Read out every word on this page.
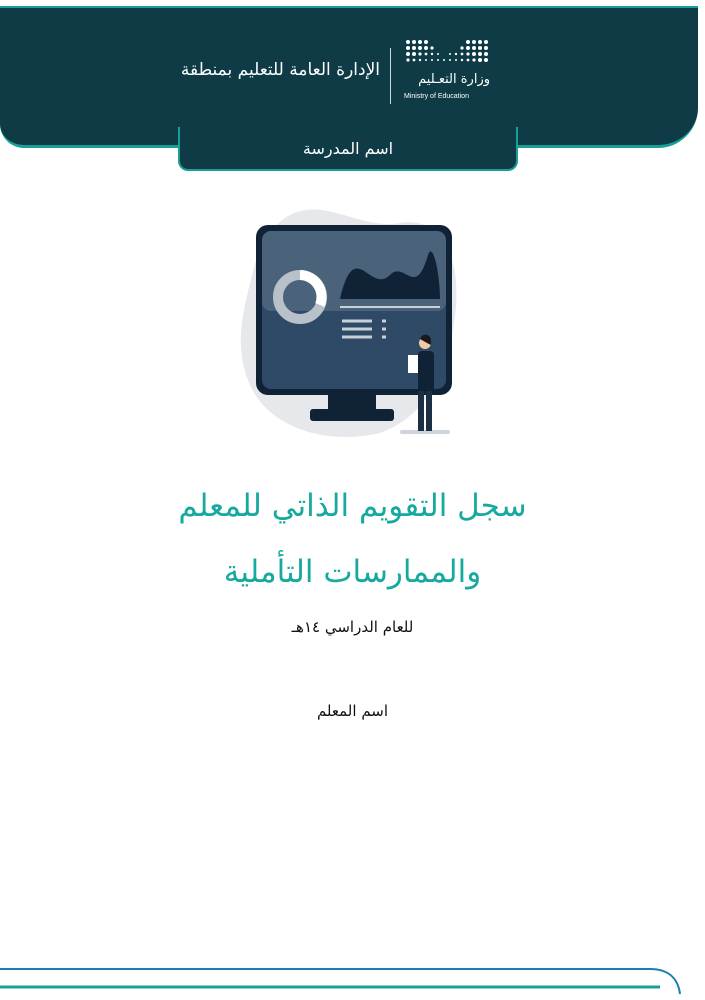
وزارة التعـليم
Ministry of Education
الإدارة العامة للتعليم بمنطقة
اسم المدرسة
سجل التقويم الذاتي للمعلم
والممارسات التأملية
للعام الدراسي ١٤هـ
اسم المعلم
